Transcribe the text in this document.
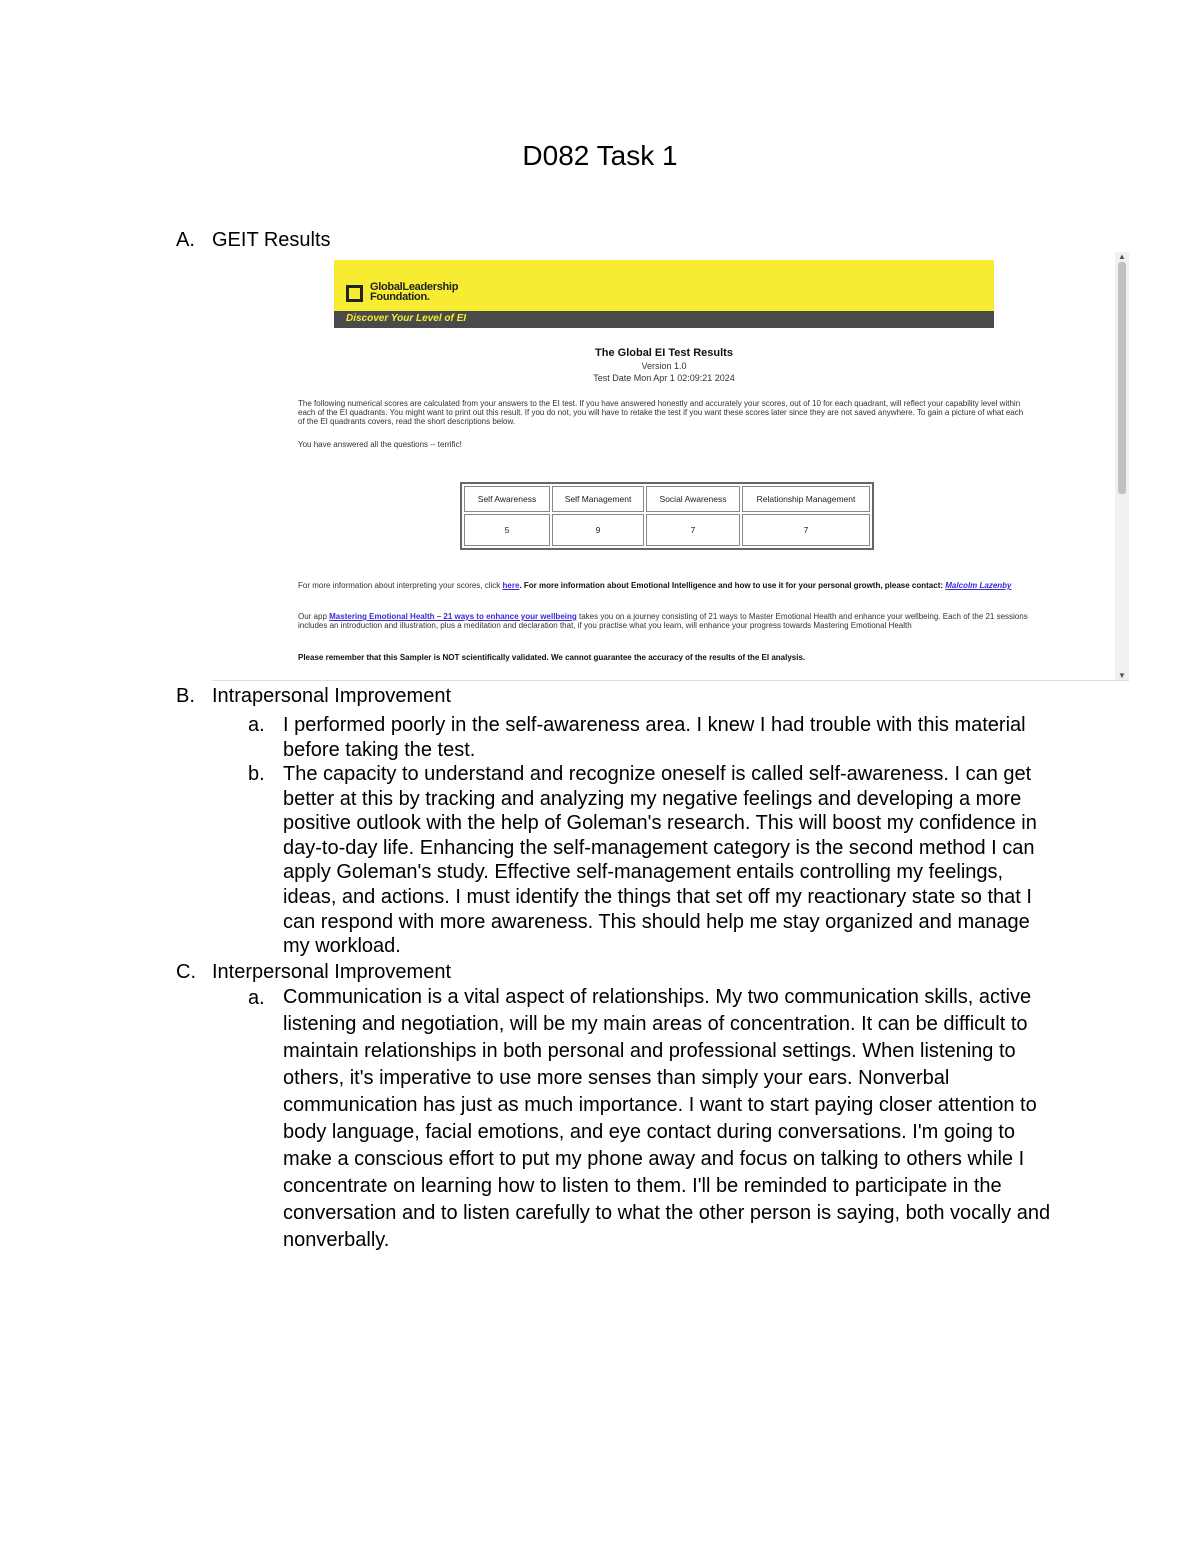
D082 Task 1
A. GEIT Results
GlobalLeadership
Foundation.
Discover Your Level of EI
The Global EI Test Results
Version 1.0
Test Date Mon Apr 1 02:09:21 2024
The following numerical scores are calculated from your answers to the EI test. If you have answered honestly and accurately your scores, out of 10 for each quadrant, will reflect your capability level within each of the EI quadrants. You might want to print out this result. If you do not, you will have to retake the test if you want these scores later since they are not saved anywhere. To gain a picture of what each of the EI quadrants covers, read the short descriptions below.
You have answered all the questions -- terrific!
Self Awareness	Self Management	Social Awareness	Relationship Management
5	9	7	7
For more information about interpreting your scores, click here. For more information about Emotional Intelligence and how to use it for your personal growth, please contact: Malcolm Lazenby
Our app Mastering Emotional Health – 21 ways to enhance your wellbeing takes you on a journey consisting of 21 ways to Master Emotional Health and enhance your wellbeing. Each of the 21 sessions includes an introduction and illustration, plus a meditation and declaration that, if you practise what you learn, will enhance your progress towards Mastering Emotional Health
Please remember that this Sampler is NOT scientifically validated. We cannot guarantee the accuracy of the results of the EI analysis.
▲
▼
B. Intrapersonal Improvement
a. I performed poorly in the self-awareness area. I knew I had trouble with this material before taking the test.
b. The capacity to understand and recognize oneself is called self-awareness. I can get better at this by tracking and analyzing my negative feelings and developing a more positive outlook with the help of Goleman's research. This will boost my confidence in day-to-day life. Enhancing the self-management category is the second method I can apply Goleman's study. Effective self-management entails controlling my feelings, ideas, and actions. I must identify the things that set off my reactionary state so that I can respond with more awareness. This should help me stay organized and manage my workload.
C. Interpersonal Improvement
a. Communication is a vital aspect of relationships. My two communication skills, active listening and negotiation, will be my main areas of concentration. It can be difficult to maintain relationships in both personal and professional settings. When listening to others, it's imperative to use more senses than simply your ears. Nonverbal communication has just as much importance. I want to start paying closer attention to body language, facial emotions, and eye contact during conversations. I'm going to make a conscious effort to put my phone away and focus on talking to others while I concentrate on learning how to listen to them. I'll be reminded to participate in the conversation and to listen carefully to what the other person is saying, both vocally and nonverbally.
